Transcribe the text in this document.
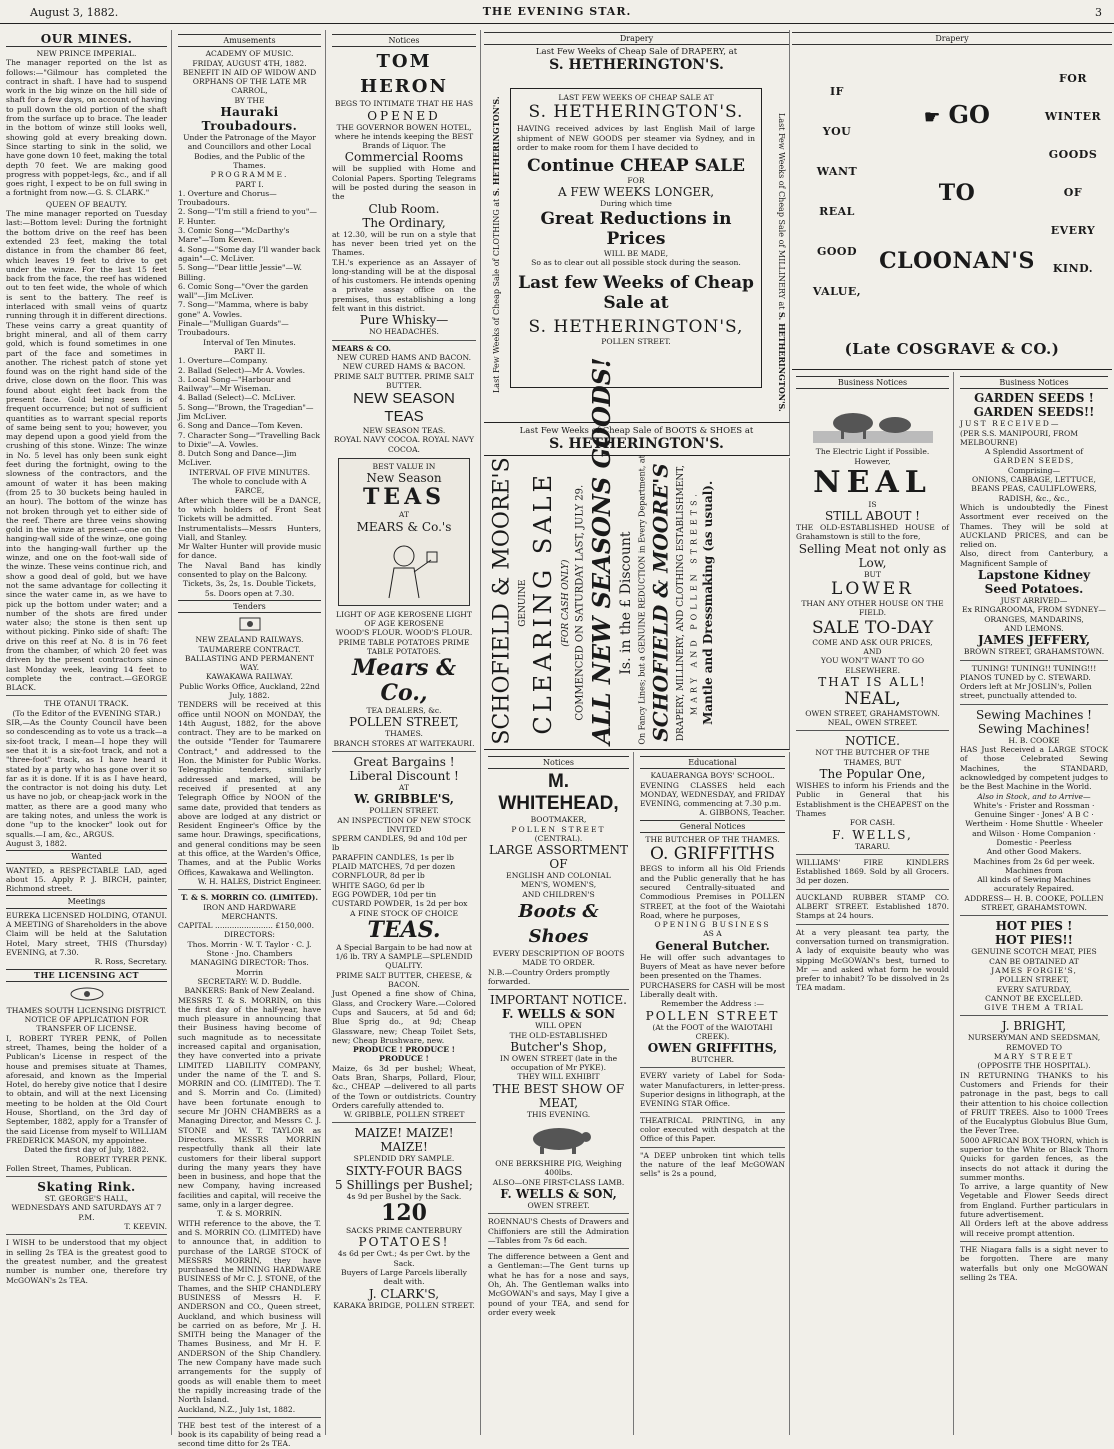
August 3, 1882.	THE EVENING STAR.	3
OUR MINES.
NEW PRINCE IMPERIAL.

The manager reported on the lst as follows:—"Gilmour has completed the contract in shaft. I have had to suspend work in the big winze on the hill side of shaft for a few days, on account of having to pull down the old portion of the shaft from the surface up to brace. The leader in the bottom of winze still looks well, showing gold at every breaking down. Since starting to sink in the solid, we have gone down 10 feet, making the total depth 70 feet. We are making good progress with poppet-legs, &c., and if all goes right, I expect to be on full swing in a fortnight from now.—G. S. CLARK."

QUEEN OF BEAUTY.

The mine manager reported on Tuesday last:—Bottom level: During the fortnight the bottom drive on the reef has been extended 23 feet, making the total distance in from the chamber 86 feet, which leaves 19 feet to drive to get under the winze. For the last 15 feet back from the face, the reef has widened out to ten feet wide, the whole of which is sent to the battery. The reef is interlaced with small veins of quartz running through it in different directions. These veins carry a great quantity of bright mineral, and all of them carry gold, which is found sometimes in one part of the face and sometimes in another. The richest patch of stone yet found was on the right hand side of the drive, close down on the floor. This was found about eight feet back from the present face. Gold being seen is of frequent occurrence; but not of sufficient quantities as to warrant special reports of same being sent to you; however, you may depend upon a good yield from the crushing of this stone. Winze: The winze in No. 5 level has only been sunk eight feet during the fortnight, owing to the slowness of the contractors, and the amount of water it has been making (from 25 to 30 buckets being hauled in an hour). The bottom of the winze has not broken through yet to either side of the reef. There are three veins showing gold in the winze at present—one on the hanging-wall side of the winze, one going into the hanging-wall further up the winze, and one on the foot-wall side of the winze. These veins continue rich, and show a good deal of gold, but we have not the same advantage for collecting it since the water came in, as we have to pick up the bottom under water; and a number of the shots are fired under water also; the stone is then sent up without picking. Pinko side of shaft: The drive on this reef at No. 8 is in 76 feet from the chamber, of which 20 feet was driven by the present contractors since last Monday week, leaving 14 feet to complete the contract.—GEORGE BLACK.

THE OTANUI TRACK.
(To the Editor of the EVENING STAR.)

SIR,—As the County Council have been so condescending as to vote us a track—a six-foot track, I mean—I hope they will see that it is a six-foot track, and not a "three-foot" track, as I have heard it stated by a party who has gone over it so far as it is done. If it is as I have heard, the contractor is not doing his duty. Let us have no job, or cheap-jack work in the matter, as there are a good many who are taking notes, and unless the work is done "up to the knocker" look out for squalls.—I am, &c., ARGUS.

August 3, 1882.
Wanted

WANTED, a RESPECTABLE LAD, aged about 15. Apply P. J. BIRCH, painter, Richmond street.

Meetings
EUREKA LICENSED HOLDING, OTANUI.

A MEETING of Shareholders in the above Claim will be held at the Salutation Hotel, Mary street, THIS (Thursday) EVENING, at 7.30.

R. Ross, Secretary.
THE LICENSING ACT
THAMES SOUTH LICENSING DISTRICT.
NOTICE OF APPLICATION FOR TRANSFER OF LICENSE.

I, ROBERT TYRER PENK, of Pollen street, Thames, being the holder of a Publican's License in respect of the house and premises situate at Thames, aforesaid, and known as the Imperial Hotel, do hereby give notice that I desire to obtain, and will at the next Licensing meeting to be holden at the Old Court House, Shortland, on the 3rd day of September, 1882, apply for a Transfer of the said License from myself to WILLIAM FREDERICK MASON, my appointee.

Dated the first day of July, 1882.
ROBERT TYRER PENK.
Follen Street, Thames, Publican.
Skating Rink.
ST. GEORGE'S HALL,
WEDNESDAYS AND SATURDAYS AT 7 P.M.
T. KEEVIN.

I WISH to be understood that my object in selling 2s TEA is the greatest good to the greatest number, and the greatest number is number one, therefore try McGOWAN's 2s TEA.

Amusements
ACADEMY OF MUSIC.
FRIDAY, AUGUST 4TH, 1882.
BENEFIT IN AID OF WIDOW AND ORPHANS OF THE LATE MR CARROL,
BY THE
Hauraki Troubadours.
Under the Patronage of the Mayor and Councillors and other Local Bodies, and the Public of the Thames.
PROGRAMME.
PART I.
1. Overture and Chorus—Troubadours.
2. Song—"I'm still a friend to you"—F. Hunter.
3. Comic Song—"McDarthy's Mare"—Tom Keven.
4. Song—"Some day I'll wander back again"—C. McLiver.
5. Song—"Dear little Jessie"—W. Billing.
6. Comic Song—"Over the garden wall"—Jim McLiver.
7. Song—"Mamma, where is baby gone" A. Vowles.
Finale—"Mulligan Guards"—Troubadours.
Interval of Ten Minutes.
PART II.
1. Overture—Company.
2. Ballad (Select)—Mr A. Vowles.
3. Local Song—"Harbour and Railway"—Mr Wiseman.
4. Ballad (Select)—C. McLiver.
5. Song—"Brown, the Tragedian"—Jim McLiver.
6. Song and Dance—Tom Keven.
7. Character Song—"Travelling Back to Dixie"—A. Vowles.
8. Dutch Song and Dance—Jim McLiver.
INTERVAL OF FIVE MINUTES.
The whole to conclude with A FARCE,

After which there will be a DANCE, to which holders of Front Seat Tickets will be admitted.

Instrumentalists—Messrs Hunters, Viall, and Stanley.

Mr Walter Hunter will provide music for dance.

The Naval Band has kindly consented to play on the Balcony.

Tickets, 3s, 2s, 1s. Double Tickets, 5s. Doors open at 7.30.
Tenders
NEW ZEALAND RAILWAYS.
TAUMARERE CONTRACT.
BALLASTING AND PERMANENT WAY.
KAWAKAWA RAILWAY.
Public Works Office, Auckland, 22nd July, 1882.

TENDERS will be received at this office until NOON on MONDAY, the 14th August, 1882, for the above contract. They are to be marked on the outside "Tender for Taumarere Contract," and addressed to the Hon. the Minister for Public Works. Telegraphic tenders, similarly addressed and marked, will be received if presented at any Telegraph Office by NOON of the same date, provided that tenders as above are lodged at any district or Resident Engineer's Office by the same hour. Drawings, specifications, and general conditions may be seen at this office, at the Warden's Office, Thames, and at the Public Works Offices, Kawakawa and Wellington.

W. H. HALES, District Engineer.
T. & S. MORRIN CO. (LIMITED).
IRON AND HARDWARE MERCHANTS.
CAPITAL ........................ £150,000.
DIRECTORS:
Thos. Morrin · W. T. Taylor · C. J. Stone · Jno. Chambers
MANAGING DIRECTOR: Thos. Morrin
SECRETARY: W. D. Buddle.
BANKERS: Bank of New Zealand.

MESSRS T. & S. MORRIN, on this the first day of the half-year, have much pleasure in announcing that their Business having become of such magnitude as to necessitate increased capital and organisation, they have converted into a private LIMITED LIABILITY COMPANY, under the name of the T. and S. MORRIN and CO. (LIMITED). The T. and S. Morrin and Co. (Limited) have been fortunate enough to secure Mr JOHN CHAMBERS as a Managing Director, and Messrs C. J. STONE and W. T. TAYLOR as Directors. MESSRS MORRIN respectfully thank all their late customers for their liberal support during the many years they have been in business, and hope that the new Company, having increased facilities and capital, will receive the same, only in a larger degree.

T. & S. MORRIN.

WITH reference to the above, the T. and S. MORRIN CO. (LIMITED) have to announce that, in addition to purchase of the LARGE STOCK of MESSRS MORRIN, they have purchased the MINING HARDWARE BUSINESS of Mr C. J. STONE, of the Thames, and the SHIP CHANDLERY BUSINESS of Messrs H. F. ANDERSON and CO., Queen street, Auckland, and which business will be carried on as before, Mr J. H. SMITH being the Manager of the Thames Business, and Mr H. F. ANDERSON of the Ship Chandlery. The new Company have made such arrangements for the supply of goods as will enable them to meet the rapidly increasing trade of the North Island.

Auckland, N.Z., July 1st, 1882.

THE best test of the interest of a book is its capability of being read a second time ditto for 2s TEA.

Notices
TOM HERON
BEGS TO INTIMATE THAT HE HAS
OPENED
THE GOVERNOR BOWEN HOTEL,
where he intends keeping the BEST Brands of Liquor. The
Commercial Rooms

will be supplied with Home and Colonial Papers. Sporting Telegrams will be posted during the season in the

Club Room.
The Ordinary,

at 12.30, will be run on a style that has never been tried yet on the Thames.

T.H.'s experience as an Assayer of long-standing will be at the disposal of his customers. He intends opening a private assay office on the premises, thus establishing a long felt want in this district.

Pure Whisky—
NO HEADACHES.
MEARS & CO.
NEW CURED HAMS AND BACON.
NEW CURED HAMS & BACON.
PRIME SALT BUTTER. PRIME SALT BUTTER.
NEW SEASON TEAS
NEW SEASON TEAS.
ROYAL NAVY COCOA. ROYAL NAVY COCOA.
BEST VALUE IN
New Season
TEAS
AT
MEARS & Co.'s
LIGHT OF AGE KEROSENE LIGHT OF AGE KEROSENE
WOOD'S FLOUR. WOOD'S FLOUR.
PRIME TABLE POTATOES PRIME TABLE POTATOES.
Mears & Co.,
TEA DEALERS, &c.
POLLEN STREET,
THAMES.
BRANCH STORES AT WAITEKAURI.
Great Bargains ! Liberal Discount !
AT
W. GRIBBLE'S,
POLLEN STREET.
AN INSPECTION OF NEW STOCK INVITED
SPERM CANDLES, 9d and 10d per lb
PARAFFIN CANDLES, 1s per lb
PLAID MATCHES, 7d per dozen
CORNFLOUR, 8d per lb
WHITE SAGO, 6d per lb
EGG POWDER, 10d per tin
CUSTARD POWDER, 1s 2d per box
A FINE STOCK OF CHOICE
TEAS.
A Special Bargain to be had now at 1/6 lb. TRY A SAMPLE—SPLENDID QUALITY.
PRIME SALT BUTTER, CHEESE, & BACON.

Just Opened a fine show of China, Glass, and Crockery Ware.—Colored Cups and Saucers, at 5d and 6d; Blue Sprig do., at 9d; Cheap Glassware, new; Cheap Toilet Sets, new; Cheap Brushware, new.

PRODUCE ! PRODUCE ! PRODUCE !

Maize, 6s 3d per bushel; Wheat, Oats Bran, Sharps, Pollard, Flour, &c., CHEAP —delivered to all parts of the Town or outdistricts. Country Orders carefully attended to.

W. GRIBBLE, POLLEN STREET
MAIZE! MAIZE! MAIZE!
SPLENDID DRY SAMPLE.
SIXTY-FOUR BAGS
5 Shillings per Bushel;
4s 9d per Bushel by the Sack.
120
SACKS PRIME CANTERBURY
POTATOES!
4s 6d per Cwt.; 4s per Cwt. by the Sack.
Buyers of Large Parcels liberally dealt with.
J. CLARK'S,
KARAKA BRIDGE, POLLEN STREET.
Drapery
Last Few Weeks of Cheap Sale of DRAPERY, at
S. HETHERINGTON'S.
Last Few Weeks of Cheap Sale of CLOTHING at S. HETHERINGTON'S.	Last Few Weeks of Cheap Sale of MILLINERY at S. HETHERINGTON'S.
LAST FEW WEEKS OF CHEAP SALE AT
S. HETHERINGTON'S.

HAVING received advices by last English Mail of large shipment of NEW GOODS per steamer via Sydney, and in order to make room for them I have decided to

Continue CHEAP SALE
FOR
A FEW WEEKS LONGER,
During which time
Great Reductions in Prices
WILL BE MADE,
So as to clear out all possible stock during the season.
Last few Weeks of Cheap Sale at
S. HETHERINGTON'S,
POLLEN STREET.
Last Few Weeks of Cheap Sale of BOOTS & SHOES at
S. HETHERINGTON'S.
SCHOFIELD & MOORE'S GENUINE CLEARING SALE (FOR CASH ONLY) COMMENCED ON SATURDAY LAST, JULY 29. ALL NEW SEASONS GOODS! Is. in the £ Discount On Fancy Lines; but a GENUINE REDUCTION in Every Department, at SCHOFIELD & MOORE'S DRAPERY, MILLINERY, AND CLOTHING ESTABLISHMENT, MARY AND POLLEN STREETS. Mantle and Dressmaking (as usual).
Notices
M. WHITEHEAD,
BOOTMAKER,
POLLEN STREET
(CENTRAL).
LARGE ASSORTMENT OF
ENGLISH AND COLONIAL
MEN'S, WOMEN'S,
AND CHILDREN'S
Boots & Shoes
EVERY DESCRIPTION OF BOOTS MADE TO ORDER.
N.B.—Country Orders promptly forwarded.
IMPORTANT NOTICE.
F. WELLS & SON
WILL OPEN
THE OLD-ESTABLISHED
Butcher's Shop,
IN OWEN STREET (late in the occupation of Mr PYKE).
THEY WILL EXHIBIT
THE BEST SHOW OF MEAT,
THIS EVENING.
ONE BERKSHIRE PIG, Weighing 400lbs.
ALSO—ONE FIRST-CLASS LAMB.
F. WELLS & SON,
OWEN STREET.

ROENNAU'S Chests of Drawers and Chiffoniers are still the Admiration—Tables from 7s 6d each.

The difference between a Gent and a Gentleman:—The Gent turns up what he has for a nose and says, Oh, Ah. The Gentleman walks into McGOWAN's and says, May I give a pound of your TEA, and send for order every week

Educational
KAUAERANGA BOYS' SCHOOL.

EVENING CLASSES held each MONDAY, WEDNESDAY, and FRIDAY EVENING, commencing at 7.30 p.m.

A. GIBBONS, Teacher.
General Notices
THE BUTCHER OF THE THAMES.
O. GRIFFITHS

BEGS to inform all his Old Friends and the Public generally that he has secured Centrally-situated and Commodious Premises in POLLEN STREET, at the foot of the Waiotahi Road, where he purposes,

OPENING BUSINESS
AS A
General Butcher.

He will offer such advantages to Buyers of Meat as have never before been presented on the Thames.

PURCHASERS for CASH will be most Liberally dealt with.

Remember the Address :—
POLLEN STREET
(At the FOOT of the WAIOTAHI CREEK).
OWEN GRIFFITHS,
BUTCHER.

EVERY variety of Label for Soda-water Manufacturers, in letter-press. Superior designs in lithograph, at the EVENING STAR Office.

THEATRICAL PRINTING, in any color executed with despatch at the Office of this Paper.

"A DEEP unbroken tint which tells the nature of the leaf McGOWAN sells" is 2s a pound,

Drapery
IF
YOU
WANT
REAL
GOOD
VALUE,
☛ GO
TO
CLOONAN'S
FOR
WINTER
GOODS
OF
EVERY
KIND.
(Late COSGRAVE & CO.)
Business Notices
The Electric Light if Possible.
However,
NEAL
IS
STILL ABOUT !

THE OLD-ESTABLISHED HOUSE of Grahamstown is still to the fore,

Selling Meat not only as Low,
BUT
LOWER
THAN ANY OTHER HOUSE ON THE FIELD.
SALE TO-DAY
COME AND ASK OUR PRICES,
AND
YOU WON'T WANT TO GO ELSEWHERE.
THAT IS ALL!
NEAL,
OWEN STREET, GRAHAMSTOWN.
NEAL, OWEN STREET.
NOTICE.
NOT THE BUTCHER OF THE THAMES, BUT
The Popular One,

WISHES to inform his Friends and the Public in General that his Establishment is the CHEAPEST on the Thames

FOR CASH.
F. WELLS,
TARARU.

WILLIAMS' FIRE KINDLERS Established 1869. Sold by all Grocers. 3d per dozen.

AUCKLAND RUBBER STAMP CO. ALBERT STREET. Established 1870. Stamps at 24 hours.

At a very pleasant tea party, the conversation turned on transmigration. A lady of exquisite beauty who was sipping McGOWAN's best, turned to Mr — and asked what form he would prefer to inhabit? To be dissolved in 2s TEA madam.

Business Notices
GARDEN SEEDS !
GARDEN SEEDS!!
JUST RECEIVED—
(PER S.S. MANIPOURI, FROM MELBOURNE)
A Splendid Assortment of
GARDEN SEEDS,
Comprising—
ONIONS, CABBAGE, LETTUCE, BEANS PEAS, CAULIFLOWERS, RADISH, &c., &c.,

Which is undoubtedly the Finest Assortment ever received on the Thames. They will be sold at AUCKLAND PRICES, and can be relied on.

Also, direct from Canterbury, a Magnificent Sample of

Lapstone Kidney Seed Potatoes.
JUST ARRIVED—
Ex RINGAROOMA, FROM SYDNEY—
ORANGES, MANDARINS,
AND LEMONS.
JAMES JEFFERY,
BROWN STREET, GRAHAMSTOWN.
TUNING! TUNING!! TUNING!!!
PIANOS TUNED by C. STEWARD.
Orders left at Mr JOSLIN's, Pollen street, punctually attended to.
Sewing Machines !
Sewing Machines!
H. B. COOKE

HAS Just Received a LARGE STOCK of those Celebrated Sewing Machines, the STANDARD, acknowledged by competent judges to be the Best Machine in the World.

Also in Stock, and to Arrive—
White's · Frister and Rossman · Genuine Singer · Jones' A B C · Wertheim · Home Shuttle · Wheeler and Wilson · Home Companion · Domestic · Peerless
And other Good Makers.
Machines from 2s 6d per week. Machines from
All kinds of Sewing Machines accurately Repaired.
ADDRESS— H. B. COOKE, POLLEN STREET, GRAHAMSTOWN.
HOT PIES !
HOT PIES!!
GENUINE SCOTCH MEAT, PIES
CAN BE OBTAINED AT
JAMES FORGIE'S,
POLLEN STREET,
EVERY SATURDAY,
CANNOT BE EXCELLED.
GIVE THEM A TRIAL
J. BRIGHT,
NURSERYMAN AND SEEDSMAN,
REMOVED TO
MARY STREET
(OPPOSITE THE HOSPITAL).

IN RETURNING THANKS to his Customers and Friends for their patronage in the past, begs to call their attention to his choice collection of FRUIT TREES. Also to 1000 Trees of the Eucalyptus Globulus Blue Gum, the Fever Tree.

5000 AFRICAN BOX THORN, which is superior to the White or Black Thorn Quicks for garden fences, as the insects do not attack it during the summer months.

To arrive, a large quantity of New Vegetable and Flower Seeds direct from England. Further particulars in future advertisement.

All Orders left at the above address will receive prompt attention.

THE Niagara falls is a sight never to be forgotten. There are many waterfalls but only one McGOWAN selling 2s TEA.
